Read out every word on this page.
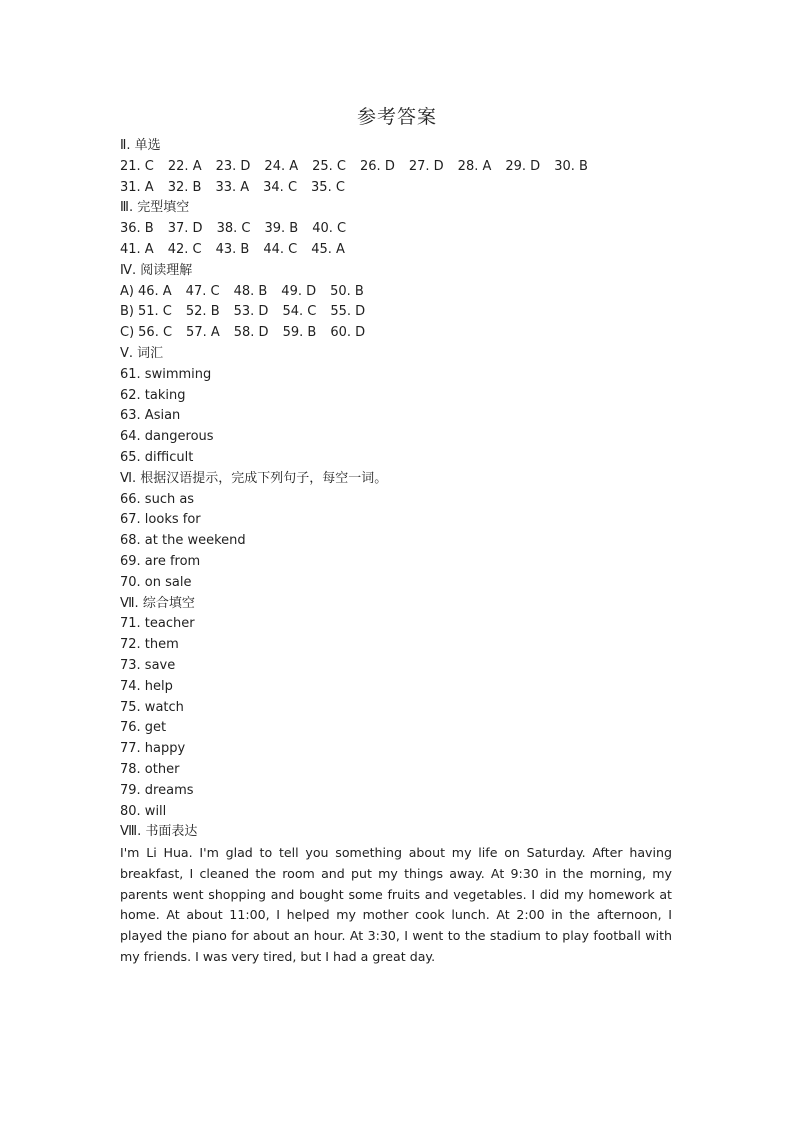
参考答案
Ⅱ. 单选
21. C 22. A 23. D 24. A 25. C 26. D 27. D 28. A 29. D 30. B
31. A 32. B 33. A 34. C 35. C
Ⅲ. 完型填空
36. B 37. D 38. C 39. B 40. C
41. A 42. C 43. B 44. C 45. A
Ⅳ. 阅读理解
A) 46. A 47. C 48. B 49. D 50. B
B) 51. C 52. B 53. D 54. C 55. D
C) 56. C 57. A 58. D 59. B 60. D
Ⅴ. 词汇
61. swimming
62. taking
63. Asian
64. dangerous
65. difficult
Ⅵ. 根据汉语提示，完成下列句子，每空一词。
66. such as
67. looks for
68. at the weekend
69. are from
70. on sale
Ⅶ. 综合填空
71. teacher
72. them
73. save
74. help
75. watch
76. get
77. happy
78. other
79. dreams
80. will
Ⅷ. 书面表达
I'm Li Hua. I'm glad to tell you something about my life on Saturday. After having breakfast, I cleaned the room and put my things away. At 9:30 in the morning, my parents went shopping and bought some fruits and vegetables. I did my homework at home. At about 11:00, I helped my mother cook lunch. At 2:00 in the afternoon, I played the piano for about an hour. At 3:30, I went to the stadium to play football with my friends. I was very tired, but I had a great day.
